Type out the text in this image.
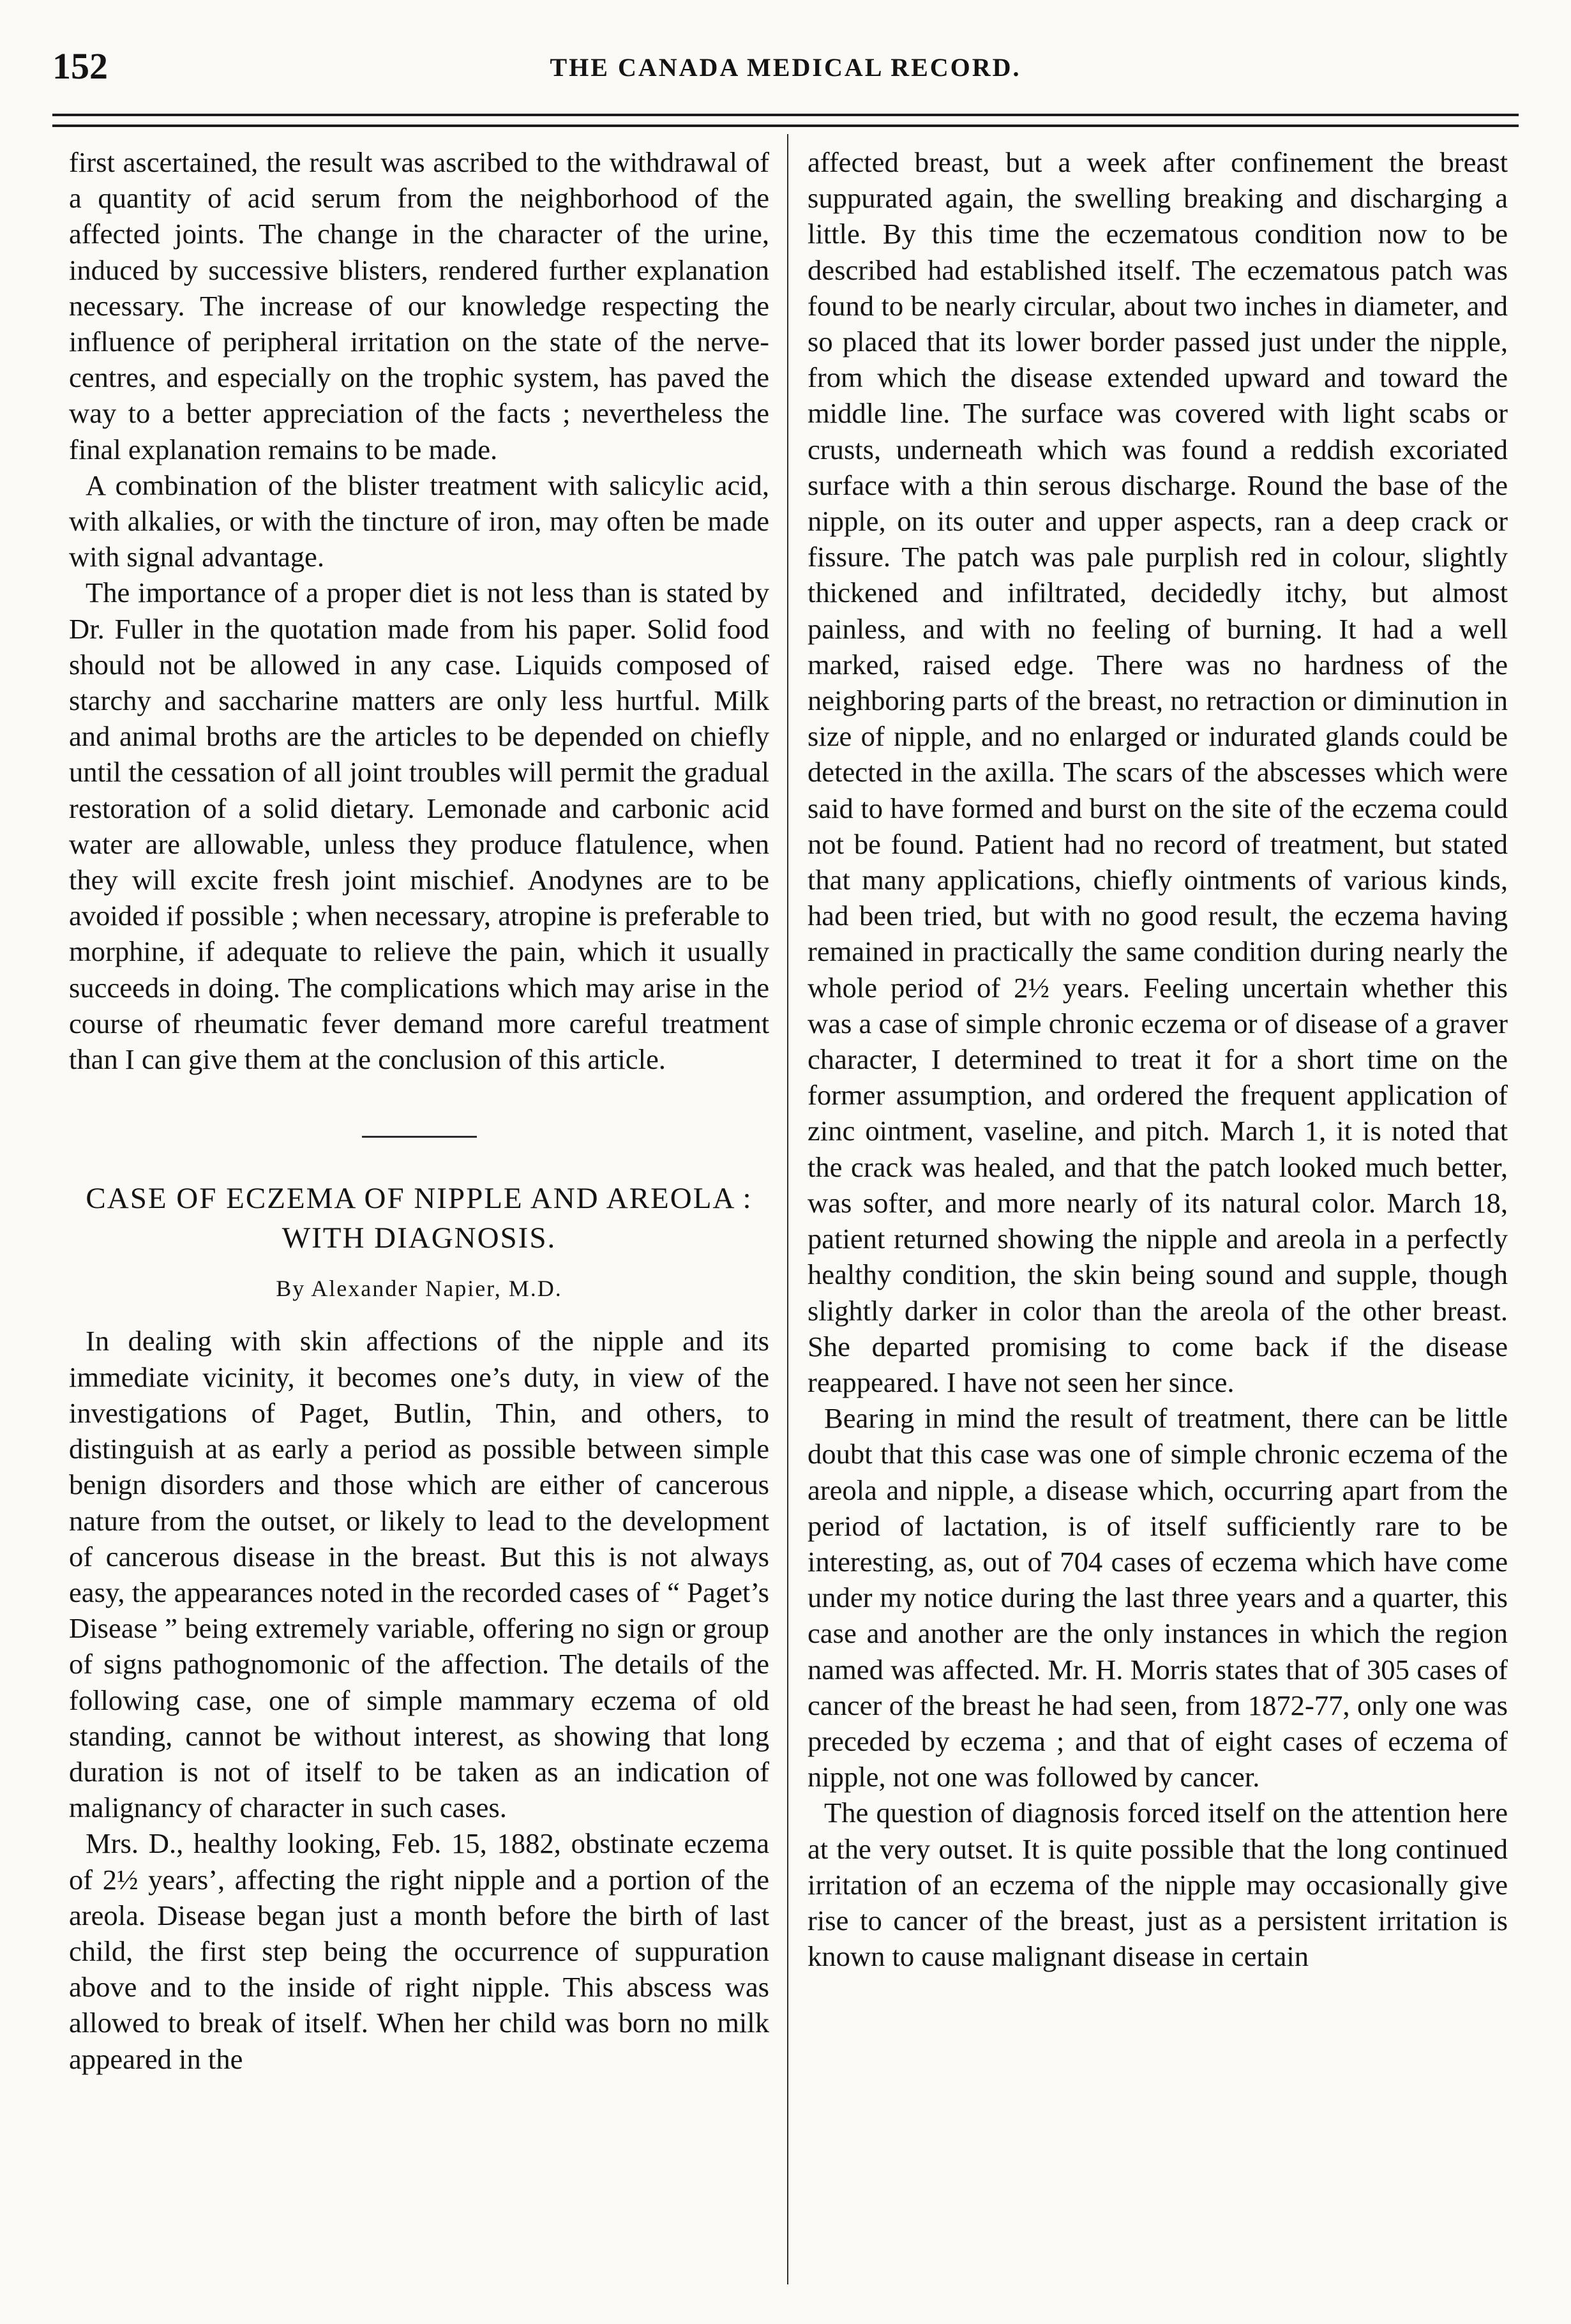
152	THE CANADA MEDICAL RECORD.

first ascertained, the result was ascribed to the withdrawal of a quantity of acid serum from the neighborhood of the affected joints. The change in the character of the urine, induced by successive blisters, rendered further explanation necessary. The increase of our knowledge respecting the influence of peripheral irritation on the state of the nerve-centres, and especially on the trophic system, has paved the way to a better appreciation of the facts ; nevertheless the final explanation remains to be made.

A combination of the blister treatment with salicylic acid, with alkalies, or with the tincture of iron, may often be made with signal advantage.

The importance of a proper diet is not less than is stated by Dr. Fuller in the quotation made from his paper. Solid food should not be allowed in any case. Liquids composed of starchy and saccharine matters are only less hurtful. Milk and animal broths are the articles to be depended on chiefly until the cessation of all joint troubles will permit the gradual restoration of a solid dietary. Lemonade and carbonic acid water are allowable, unless they produce flatulence, when they will excite fresh joint mischief. Anodynes are to be avoided if possible ; when necessary, atropine is preferable to morphine, if adequate to relieve the pain, which it usually succeeds in doing. The complications which may arise in the course of rheumatic fever demand more careful treatment than I can give them at the conclusion of this article.

CASE OF ECZEMA OF NIPPLE AND AREOLA : WITH DIAGNOSIS.
By Alexander Napier, M.D.

In dealing with skin affections of the nipple and its immediate vicinity, it becomes one’s duty, in view of the investigations of Paget, Butlin, Thin, and others, to distinguish at as early a period as possible between simple benign disorders and those which are either of cancerous nature from the outset, or likely to lead to the development of cancerous disease in the breast. But this is not always easy, the appearances noted in the recorded cases of “ Paget’s Disease ” being extremely variable, offering no sign or group of signs pathognomonic of the affection. The details of the following case, one of simple mammary eczema of old standing, cannot be without interest, as showing that long duration is not of itself to be taken as an indication of malignancy of character in such cases.

Mrs. D., healthy looking, Feb. 15, 1882, obstinate eczema of 2½ years’, affecting the right nipple and a portion of the areola. Disease began just a month before the birth of last child, the first step being the occurrence of suppuration above and to the inside of right nipple. This abscess was allowed to break of itself. When her child was born no milk appeared in the

affected breast, but a week after confinement the breast suppurated again, the swelling breaking and discharging a little. By this time the eczematous condition now to be described had established itself. The eczematous patch was found to be nearly circular, about two inches in diameter, and so placed that its lower border passed just under the nipple, from which the disease extended upward and toward the middle line. The surface was covered with light scabs or crusts, underneath which was found a reddish excoriated surface with a thin serous discharge. Round the base of the nipple, on its outer and upper aspects, ran a deep crack or fissure. The patch was pale purplish red in colour, slightly thickened and infiltrated, decidedly itchy, but almost painless, and with no feeling of burning. It had a well marked, raised edge. There was no hardness of the neighboring parts of the breast, no retraction or diminution in size of nipple, and no enlarged or indurated glands could be detected in the axilla. The scars of the abscesses which were said to have formed and burst on the site of the eczema could not be found. Patient had no record of treatment, but stated that many applications, chiefly ointments of various kinds, had been tried, but with no good result, the eczema having remained in practically the same condition during nearly the whole period of 2½ years. Feeling uncertain whether this was a case of simple chronic eczema or of disease of a graver character, I determined to treat it for a short time on the former assumption, and ordered the frequent application of zinc ointment, vaseline, and pitch. March 1, it is noted that the crack was healed, and that the patch looked much better, was softer, and more nearly of its natural color. March 18, patient returned showing the nipple and areola in a perfectly healthy condition, the skin being sound and supple, though slightly darker in color than the areola of the other breast. She departed promising to come back if the disease reappeared. I have not seen her since.

Bearing in mind the result of treatment, there can be little doubt that this case was one of simple chronic eczema of the areola and nipple, a disease which, occurring apart from the period of lactation, is of itself sufficiently rare to be interesting, as, out of 704 cases of eczema which have come under my notice during the last three years and a quarter, this case and another are the only instances in which the region named was affected. Mr. H. Morris states that of 305 cases of cancer of the breast he had seen, from 1872-77, only one was preceded by eczema ; and that of eight cases of eczema of nipple, not one was followed by cancer.

The question of diagnosis forced itself on the attention here at the very outset. It is quite possible that the long continued irritation of an eczema of the nipple may occasionally give rise to cancer of the breast, just as a persistent irritation is known to cause malignant disease in certain
